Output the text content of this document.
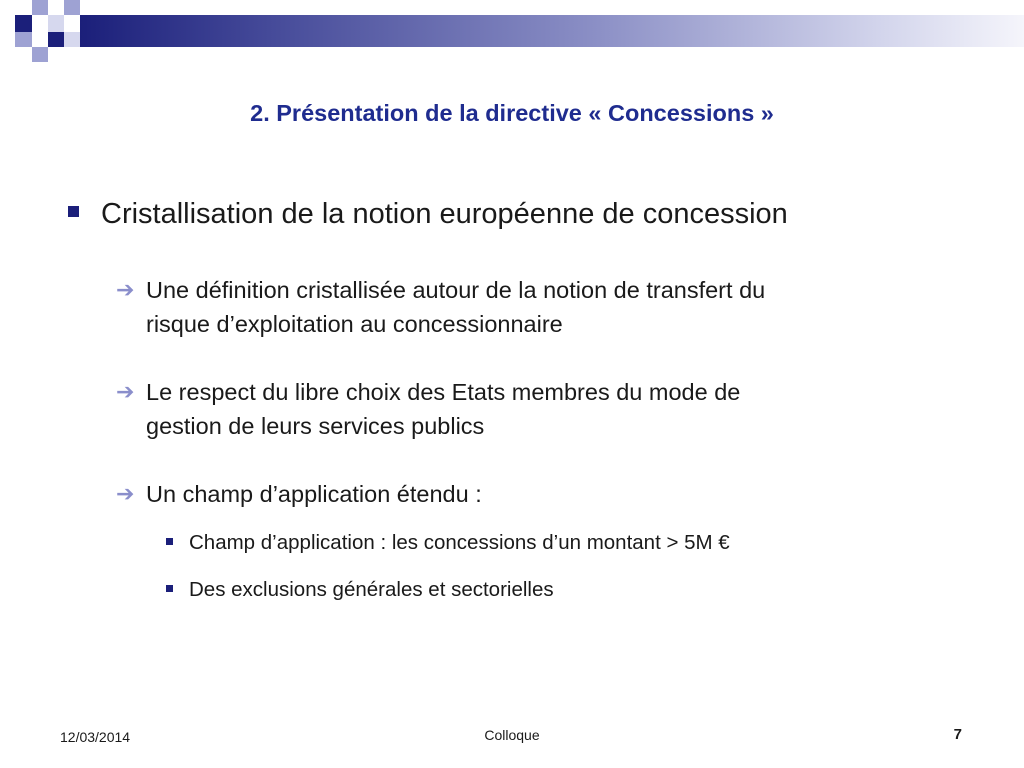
2. Présentation de la directive « Concessions »
Cristallisation de la notion européenne de concession
➔ Une définition cristallisée autour de la notion de transfert du
risque d’exploitation au concessionnaire
➔ Le respect du libre choix des Etats membres du mode de
gestion de leurs services publics
➔ Un champ d’application étendu :
Champ d’application : les concessions d’un montant > 5M €
Des exclusions générales et sectorielles
12/03/2014	Colloque	7
